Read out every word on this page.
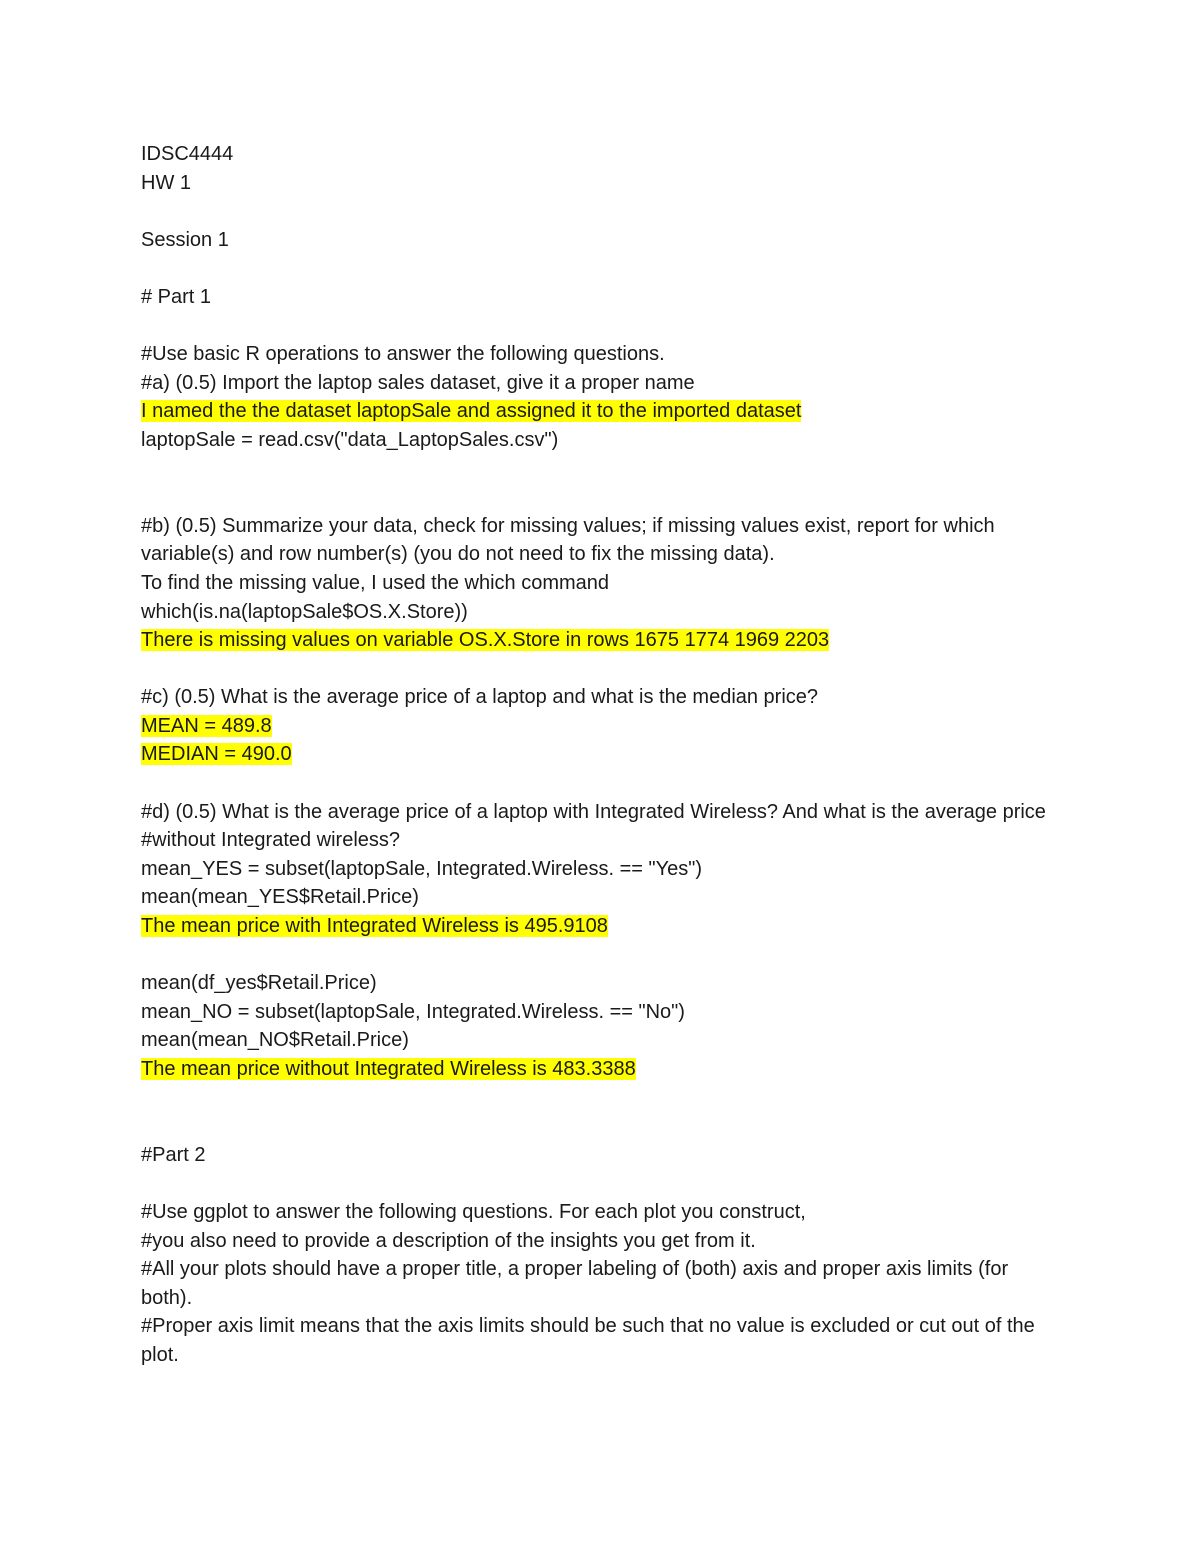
IDSC4444
HW 1
Session 1
# Part 1
#Use basic R operations to answer the following questions.
#a) (0.5) Import the laptop sales dataset, give it a proper name
I named the the dataset laptopSale and assigned it to the imported dataset
laptopSale = read.csv("data_LaptopSales.csv")
#b) (0.5) Summarize your data, check for missing values; if missing values exist, report for which variable(s) and row number(s) (you do not need to fix the missing data).
To find the missing value, I used the which command
which(is.na(laptopSale$OS.X.Store))
There is missing values on variable OS.X.Store in rows 1675 1774 1969 2203
#c) (0.5) What is the average price of a laptop and what is the median price?
MEAN = 489.8
MEDIAN = 490.0
#d) (0.5) What is the average price of a laptop with Integrated Wireless? And what is the average price
#without Integrated wireless?
mean_YES = subset(laptopSale, Integrated.Wireless. == "Yes")
mean(mean_YES$Retail.Price)
The mean price with Integrated Wireless is 495.9108
mean(df_yes$Retail.Price)
mean_NO = subset(laptopSale, Integrated.Wireless. == "No")
mean(mean_NO$Retail.Price)
The mean price without Integrated Wireless is 483.3388
#Part 2
#Use ggplot to answer the following questions. For each plot you construct,
#you also need to provide a description of the insights you get from it.
#All your plots should have a proper title, a proper labeling of (both) axis and proper axis limits (for both).
#Proper axis limit means that the axis limits should be such that no value is excluded or cut out of the plot.
